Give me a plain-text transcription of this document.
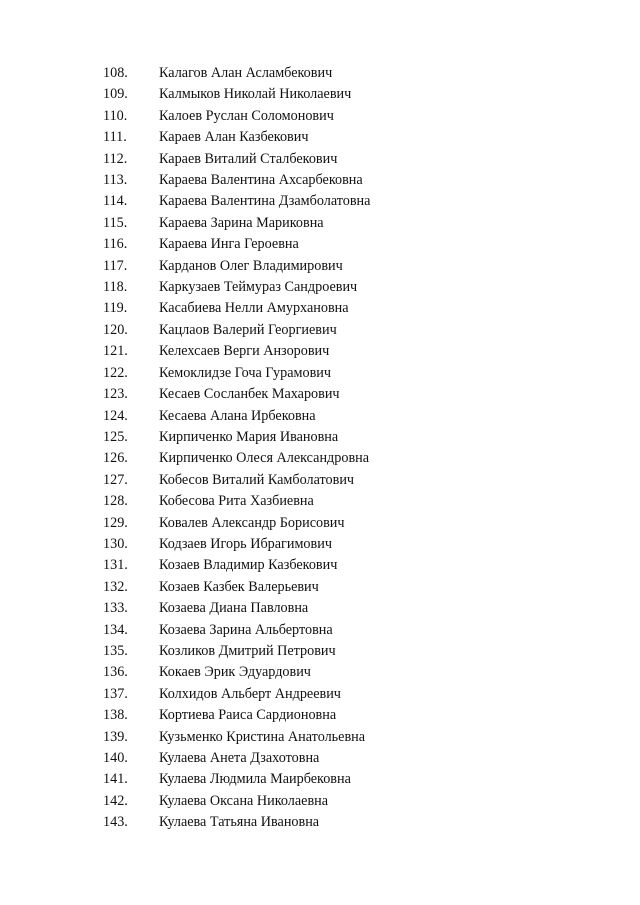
108. Калагов Алан Асламбекович
109. Калмыков Николай Николаевич
110. Калоев Руслан Соломонович
111. Караев Алан Казбекович
112. Караев Виталий Сталбекович
113. Караева Валентина Ахсарбековна
114. Караева Валентина Дзамболатовна
115. Караева Зарина Мариковна
116. Караева Инга Героевна
117. Карданов Олег Владимирович
118. Каркузаев Теймураз Сандроевич
119. Касабиева Нелли Амурхановна
120. Кацлаов Валерий Георгиевич
121. Келехсаев Верги Анзорович
122. Кемоклидзе Гоча Гурамович
123. Кесаев Сосланбек Махарович
124. Кесаева Алана Ирбековна
125. Кирпиченко Мария Ивановна
126. Кирпиченко Олеся Александровна
127. Кобесов Виталий Камболатович
128. Кобесова Рита Хазбиевна
129. Ковалев Александр Борисович
130. Кодзаев Игорь Ибрагимович
131. Козаев Владимир Казбекович
132. Козаев Казбек Валерьевич
133. Козаева Диана Павловна
134. Козаева Зарина Альбертовна
135. Козликов Дмитрий Петрович
136. Кокаев Эрик Эдуардович
137. Колхидов Альберт Андреевич
138. Кортиева Раиса Сардионовна
139. Кузьменко Кристина Анатольевна
140. Кулаева Анета Дзахотовна
141. Кулаева Людмила Маирбековна
142. Кулаева Оксана Николаевна
143. Кулаева Татьяна Ивановна
